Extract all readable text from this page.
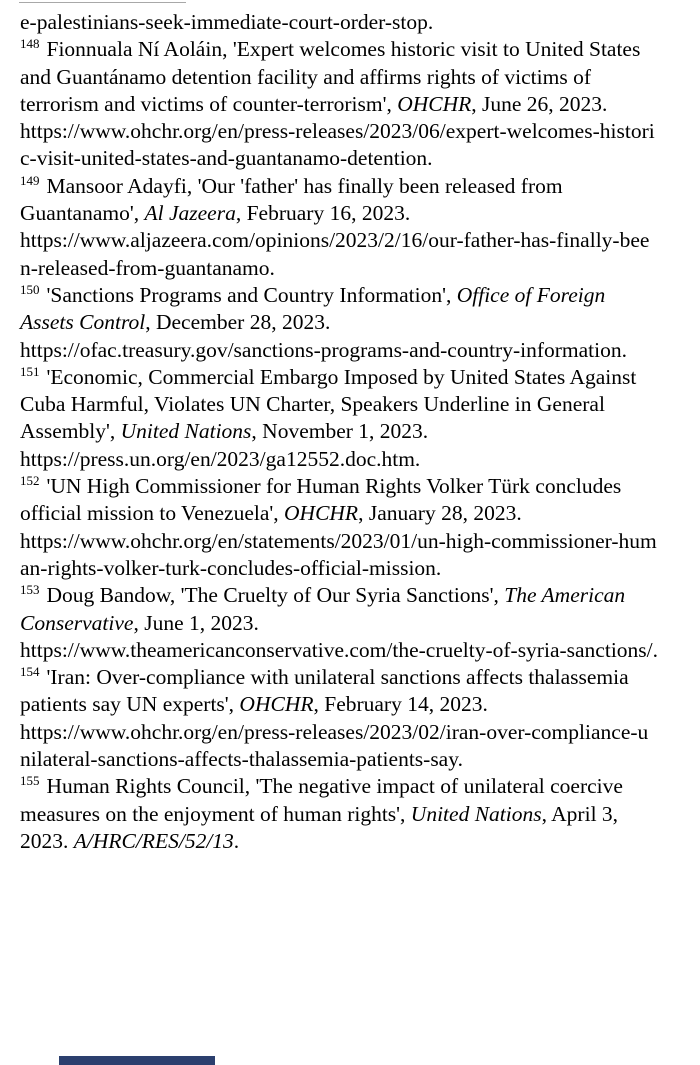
e-palestinians-seek-immediate-court-order-stop.
$^{148}$ Fionnuala Ní Aoláin, 'Expert welcomes historic visit to United States
and Guantánamo detention facility and affirms rights of victims of
terrorism and victims of counter-terrorism', OHCHR, June 26, 2023.
https://www.ohchr.org/en/press-releases/2023/06/expert-welcomes-histori
c-visit-united-states-and-guantanamo-detention.
$^{149}$ Mansoor Adayfi, 'Our 'father' has finally been released from
Guantanamo', Al Jazeera, February 16, 2023.
https://www.aljazeera.com/opinions/2023/2/16/our-father-has-finally-bee
n-released-from-guantanamo.
$^{150}$ 'Sanctions Programs and Country Information', Office of Foreign
Assets Control, December 28, 2023.
https://ofac.treasury.gov/sanctions-programs-and-country-information.
$^{151}$ 'Economic, Commercial Embargo Imposed by United States Against
Cuba Harmful, Violates UN Charter, Speakers Underline in General
Assembly', United Nations, November 1, 2023.
https://press.un.org/en/2023/ga12552.doc.htm.
$^{152}$ 'UN High Commissioner for Human Rights Volker Türk concludes
official mission to Venezuela', OHCHR, January 28, 2023.
https://www.ohchr.org/en/statements/2023/01/un-high-commissioner-hum
an-rights-volker-turk-concludes-official-mission.
$^{153}$ Doug Bandow, 'The Cruelty of Our Syria Sanctions', The American
Conservative, June 1, 2023.
https://www.theamericanconservative.com/the-cruelty-of-syria-sanctions/.
$^{154}$ 'Iran: Over-compliance with unilateral sanctions affects thalassemia
patients say UN experts', OHCHR, February 14, 2023.
https://www.ohchr.org/en/press-releases/2023/02/iran-over-compliance-u
nilateral-sanctions-affects-thalassemia-patients-say.
$^{155}$ Human Rights Council, 'The negative impact of unilateral coercive
measures on the enjoyment of human rights', United Nations, April 3,
2023. A/HRC/RES/52/13.
